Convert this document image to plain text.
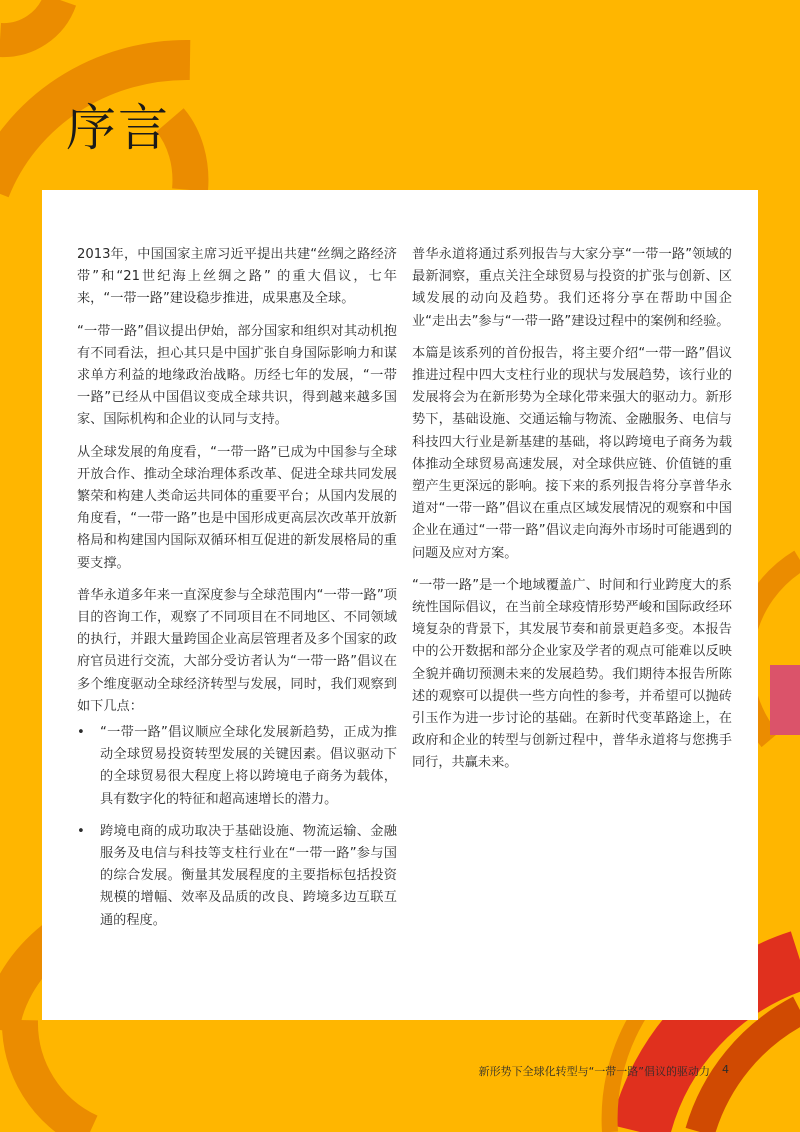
序言

2013年，中国国家主席习近平提出共建“丝绸之路经济带”和“21世纪海上丝绸之路” 的重大倡议，七年来，“一带一路”建设稳步推进，成果惠及全球。

“一带一路”倡议提出伊始，部分国家和组织对其动机抱有不同看法，担心其只是中国扩张自身国际影响力和谋求单方利益的地缘政治战略。历经七年的发展，“一带一路”已经从中国倡议变成全球共识，得到越来越多国家、国际机构和企业的认同与支持。

从全球发展的角度看，“一带一路”已成为中国参与全球开放合作、推动全球治理体系改革、促进全球共同发展繁荣和构建人类命运共同体的重要平台；从国内发展的角度看，“一带一路”也是中国形成更高层次改革开放新格局和构建国内国际双循环相互促进的新发展格局的重要支撑。

普华永道多年来一直深度参与全球范围内“一带一路”项目的咨询工作，观察了不同项目在不同地区、不同领域的执行，并跟大量跨国企业高层管理者及多个国家的政府官员进行交流，大部分受访者认为“一带一路”倡议在多个维度驱动全球经济转型与发展，同时，我们观察到如下几点：

• “一带一路”倡议顺应全球化发展新趋势，正成为推动全球贸易投资转型发展的关键因素。倡议驱动下的全球贸易很大程度上将以跨境电子商务为载体，具有数字化的特征和超高速增长的潜力。
• 跨境电商的成功取决于基础设施、物流运输、金融服务及电信与科技等支柱行业在“一带一路”参与国的综合发展。衡量其发展程度的主要指标包括投资规模的增幅、效率及品质的改良、跨境多边互联互通的程度。

普华永道将通过系列报告与大家分享“一带一路”领域的最新洞察，重点关注全球贸易与投资的扩张与创新、区域发展的动向及趋势。我们还将分享在帮助中国企业“走出去”参与“一带一路”建设过程中的案例和经验。

本篇是该系列的首份报告，将主要介绍“一带一路”倡议推进过程中四大支柱行业的现状与发展趋势，该行业的发展将会为在新形势为全球化带来强大的驱动力。新形势下，基础设施、交通运输与物流、金融服务、电信与科技四大行业是新基建的基础，将以跨境电子商务为载体推动全球贸易高速发展，对全球供应链、价值链的重塑产生更深远的影响。接下来的系列报告将分享普华永道对“一带一路”倡议在重点区域发展情况的观察和中国企业在通过“一带一路”倡议走向海外市场时可能遇到的问题及应对方案。

“一带一路”是一个地域覆盖广、时间和行业跨度大的系统性国际倡议，在当前全球疫情形势严峻和国际政经环境复杂的背景下，其发展节奏和前景更趋多变。本报告中的公开数据和部分企业家及学者的观点可能难以反映全貌并确切预测未来的发展趋势。我们期待本报告所陈述的观察可以提供一些方向性的参考，并希望可以抛砖引玉作为进一步讨论的基础。在新时代变革路途上，在政府和企业的转型与创新过程中，普华永道将与您携手同行，共赢未来。

新形势下全球化转型与“一带一路”倡议的驱动力 4
